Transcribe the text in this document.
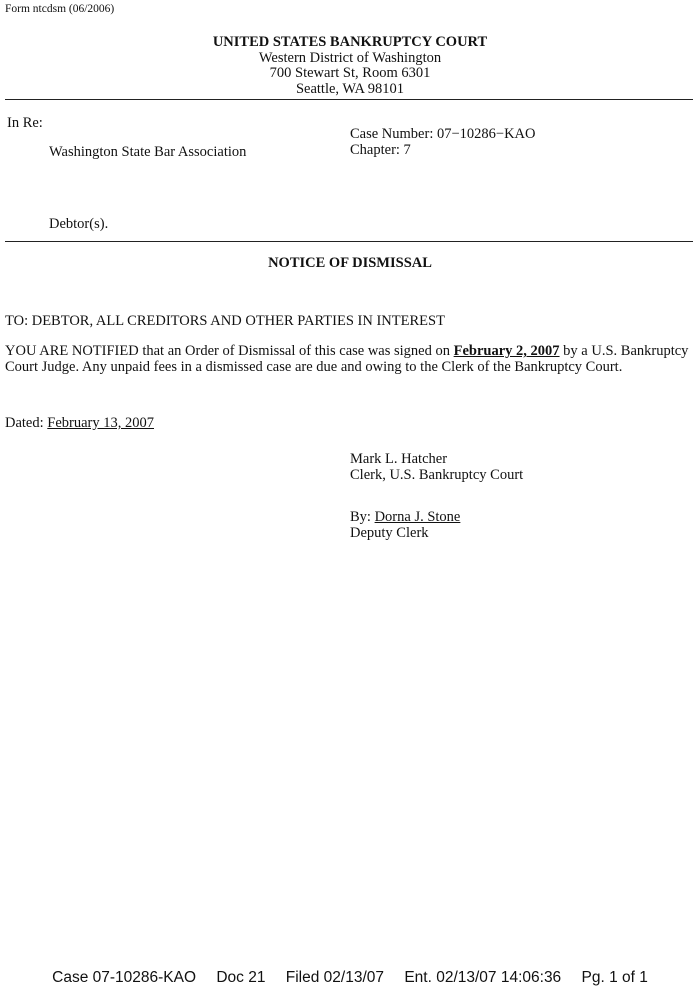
Form ntcdsm (06/2006)
UNITED STATES BANKRUPTCY COURT
Western District of Washington
700 Stewart St, Room 6301
Seattle, WA 98101
In Re:
Washington State Bar Association
Case Number: 07−10286−KAO
Chapter: 7
Debtor(s).
NOTICE OF DISMISSAL
TO: DEBTOR, ALL CREDITORS AND OTHER PARTIES IN INTEREST
YOU ARE NOTIFIED that an Order of Dismissal of this case was signed on February 2, 2007 by a U.S. Bankruptcy Court Judge. Any unpaid fees in a dismissed case are due and owing to the Clerk of the Bankruptcy Court.
Dated: February 13, 2007
Mark L. Hatcher
Clerk, U.S. Bankruptcy Court
By: Dorna J. Stone
Deputy Clerk
Case 07-10286-KAO Doc 21 Filed 02/13/07 Ent. 02/13/07 14:06:36 Pg. 1 of 1
